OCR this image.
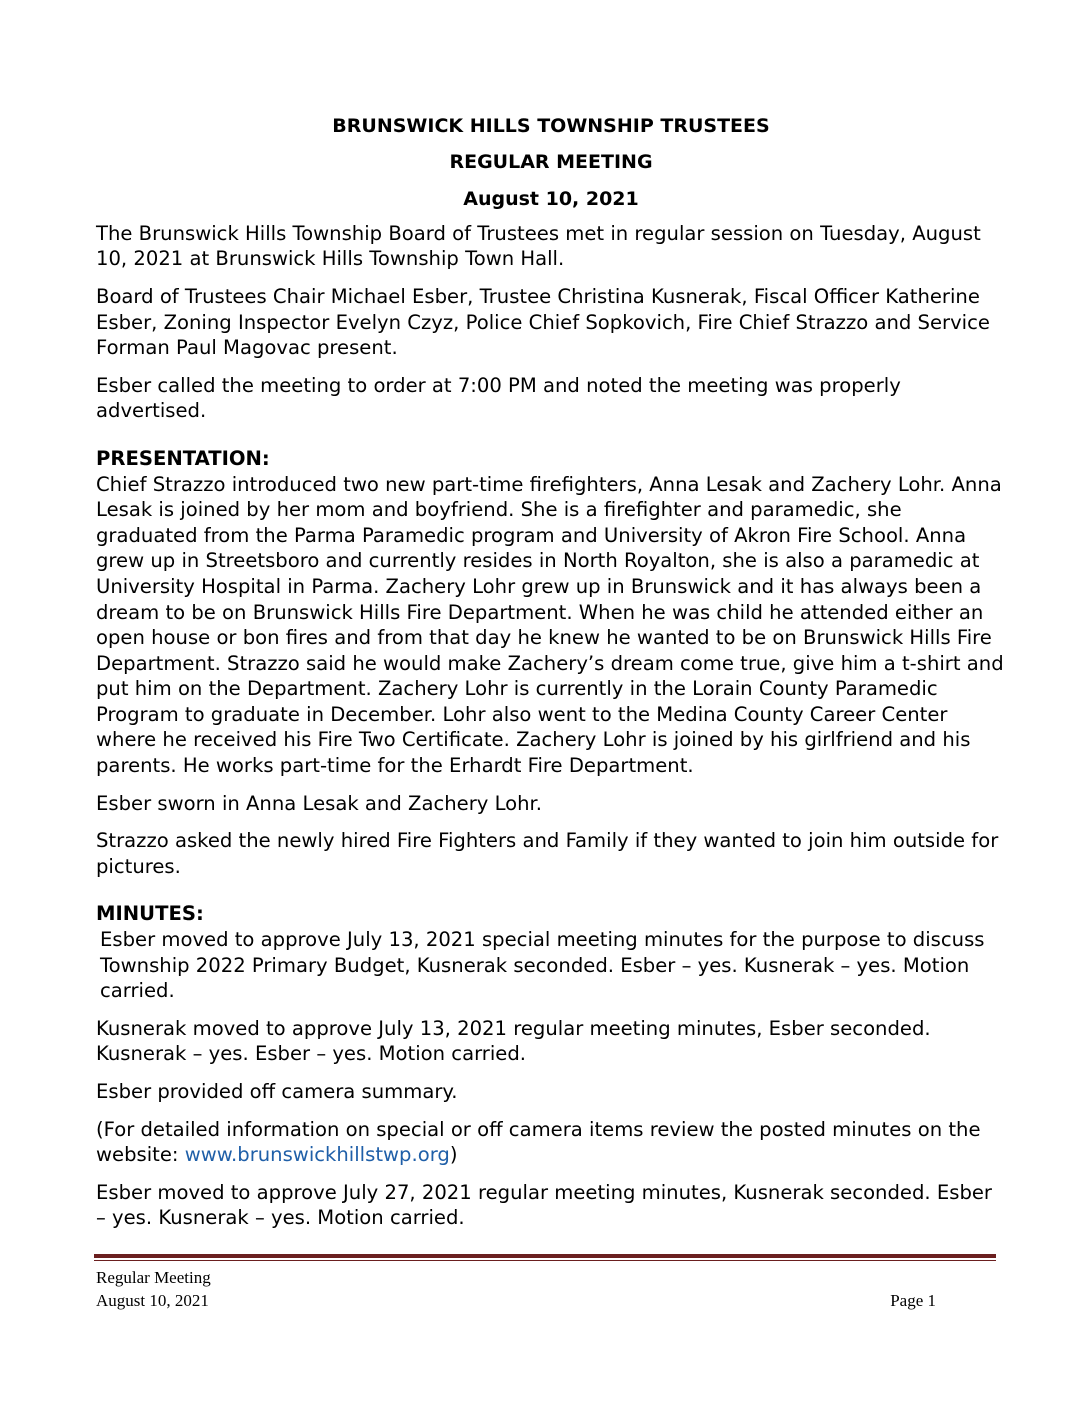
BRUNSWICK HILLS TOWNSHIP TRUSTEES

REGULAR MEETING

August 10, 2021

The Brunswick Hills Township Board of Trustees met in regular session on Tuesday, August 10, 2021 at Brunswick Hills Township Town Hall.

Board of Trustees Chair Michael Esber, Trustee Christina Kusnerak, Fiscal Officer Katherine Esber, Zoning Inspector Evelyn Czyz, Police Chief Sopkovich, Fire Chief Strazzo and Service Forman Paul Magovac present.

Esber called the meeting to order at 7:00 PM and noted the meeting was properly advertised.

PRESENTATION:

Chief Strazzo introduced two new part-time firefighters, Anna Lesak and Zachery Lohr. Anna Lesak is joined by her mom and boyfriend. She is a firefighter and paramedic, she graduated from the Parma Paramedic program and University of Akron Fire School. Anna grew up in Streetsboro and currently resides in North Royalton, she is also a paramedic at University Hospital in Parma. Zachery Lohr grew up in Brunswick and it has always been a dream to be on Brunswick Hills Fire Department. When he was child he attended either an open house or bon fires and from that day he knew he wanted to be on Brunswick Hills Fire Department. Strazzo said he would make Zachery’s dream come true, give him a t-shirt and put him on the Department. Zachery Lohr is currently in the Lorain County Paramedic Program to graduate in December. Lohr also went to the Medina County Career Center where he received his Fire Two Certificate. Zachery Lohr is joined by his girlfriend and his parents. He works part-time for the Erhardt Fire Department.

Esber sworn in Anna Lesak and Zachery Lohr.

Strazzo asked the newly hired Fire Fighters and Family if they wanted to join him outside for pictures.

MINUTES:

Esber moved to approve July 13, 2021 special meeting minutes for the purpose to discuss Township 2022 Primary Budget, Kusnerak seconded. Esber – yes. Kusnerak – yes. Motion carried.

Kusnerak moved to approve July 13, 2021 regular meeting minutes, Esber seconded. Kusnerak – yes. Esber – yes. Motion carried.

Esber provided off camera summary.

(For detailed information on special or off camera items review the posted minutes on the website: www.brunswickhillstwp.org)

Esber moved to approve July 27, 2021 regular meeting minutes, Kusnerak seconded. Esber – yes. Kusnerak – yes. Motion carried.

Regular Meeting
August 10, 2021	Page 1
